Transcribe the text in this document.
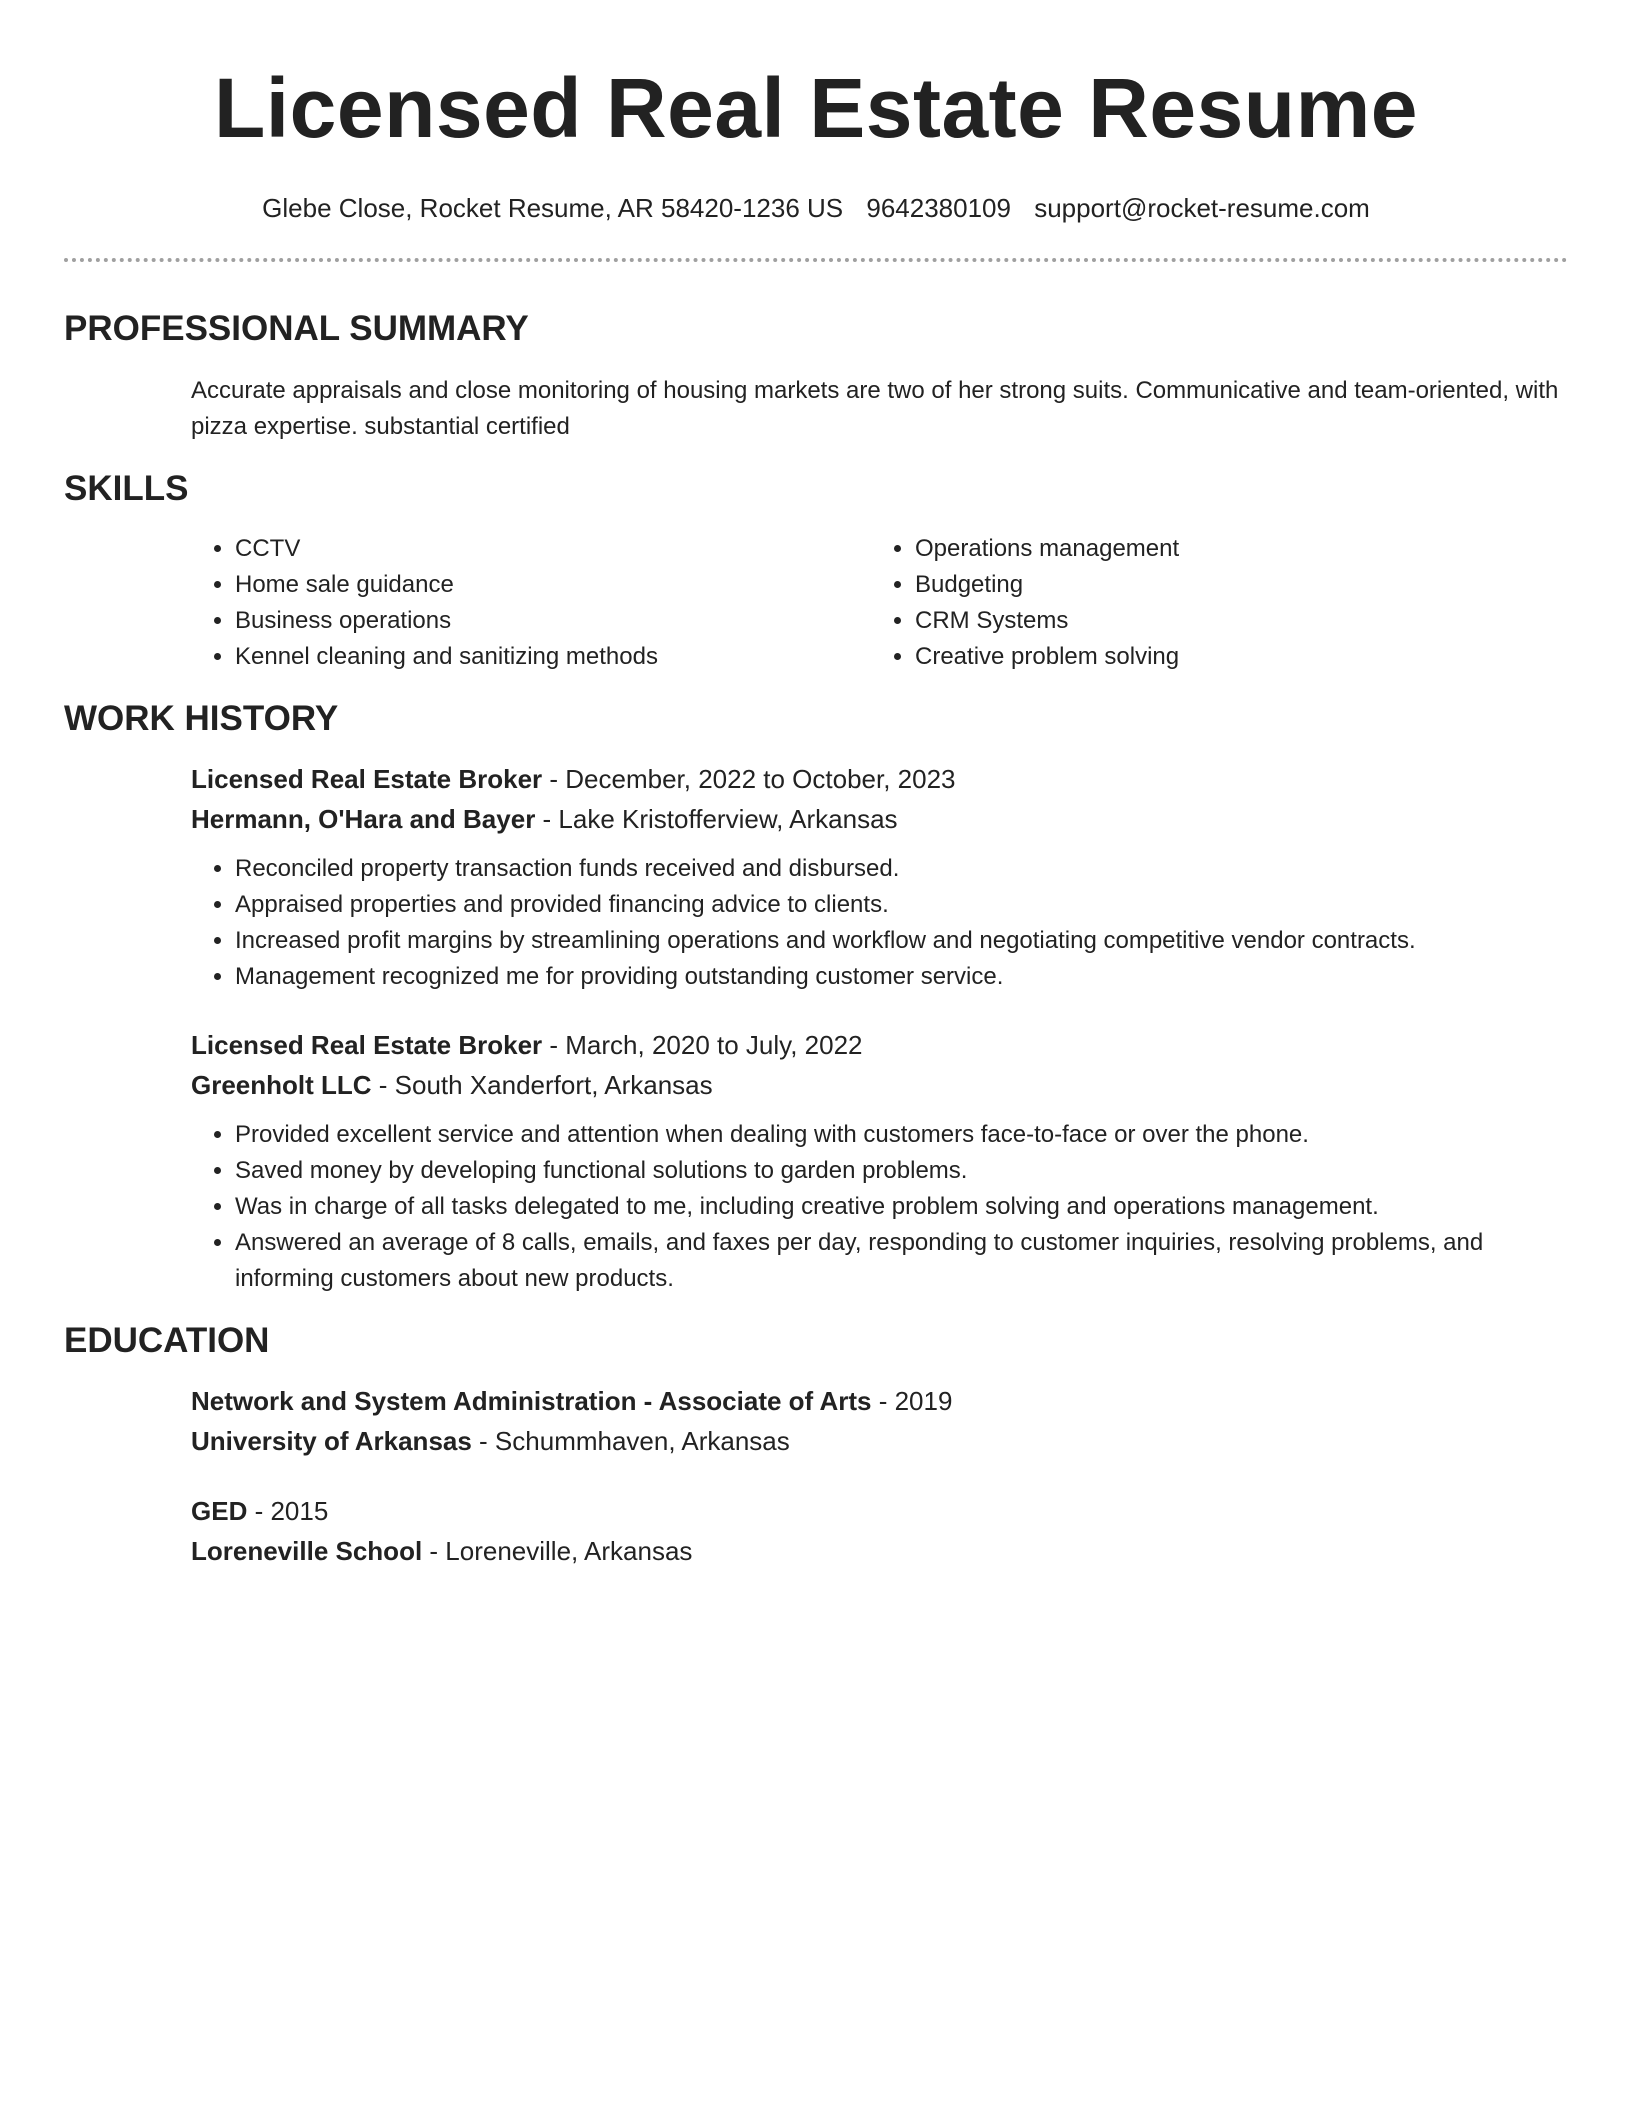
Licensed Real Estate Resume
Glebe Close, Rocket Resume, AR 58420-1236 US 9642380109 support@rocket-resume.com
PROFESSIONAL SUMMARY
Accurate appraisals and close monitoring of housing markets are two of her strong suits. Communicative and team-oriented, with pizza expertise. substantial certified
SKILLS
• CCTV
• Home sale guidance
• Business operations
• Kennel cleaning and sanitizing methods
• Operations management
• Budgeting
• CRM Systems
• Creative problem solving
WORK HISTORY
Licensed Real Estate Broker - December, 2022 to October, 2023
Hermann, O'Hara and Bayer - Lake Kristofferview, Arkansas
• Reconciled property transaction funds received and disbursed.
• Appraised properties and provided financing advice to clients.
• Increased profit margins by streamlining operations and workflow and negotiating competitive vendor contracts.
• Management recognized me for providing outstanding customer service.
Licensed Real Estate Broker - March, 2020 to July, 2022
Greenholt LLC - South Xanderfort, Arkansas
• Provided excellent service and attention when dealing with customers face-to-face or over the phone.
• Saved money by developing functional solutions to garden problems.
• Was in charge of all tasks delegated to me, including creative problem solving and operations management.
• Answered an average of 8 calls, emails, and faxes per day, responding to customer inquiries, resolving problems, and informing customers about new products.
EDUCATION
Network and System Administration - Associate of Arts - 2019
University of Arkansas - Schummhaven, Arkansas
GED - 2015
Loreneville School - Loreneville, Arkansas
